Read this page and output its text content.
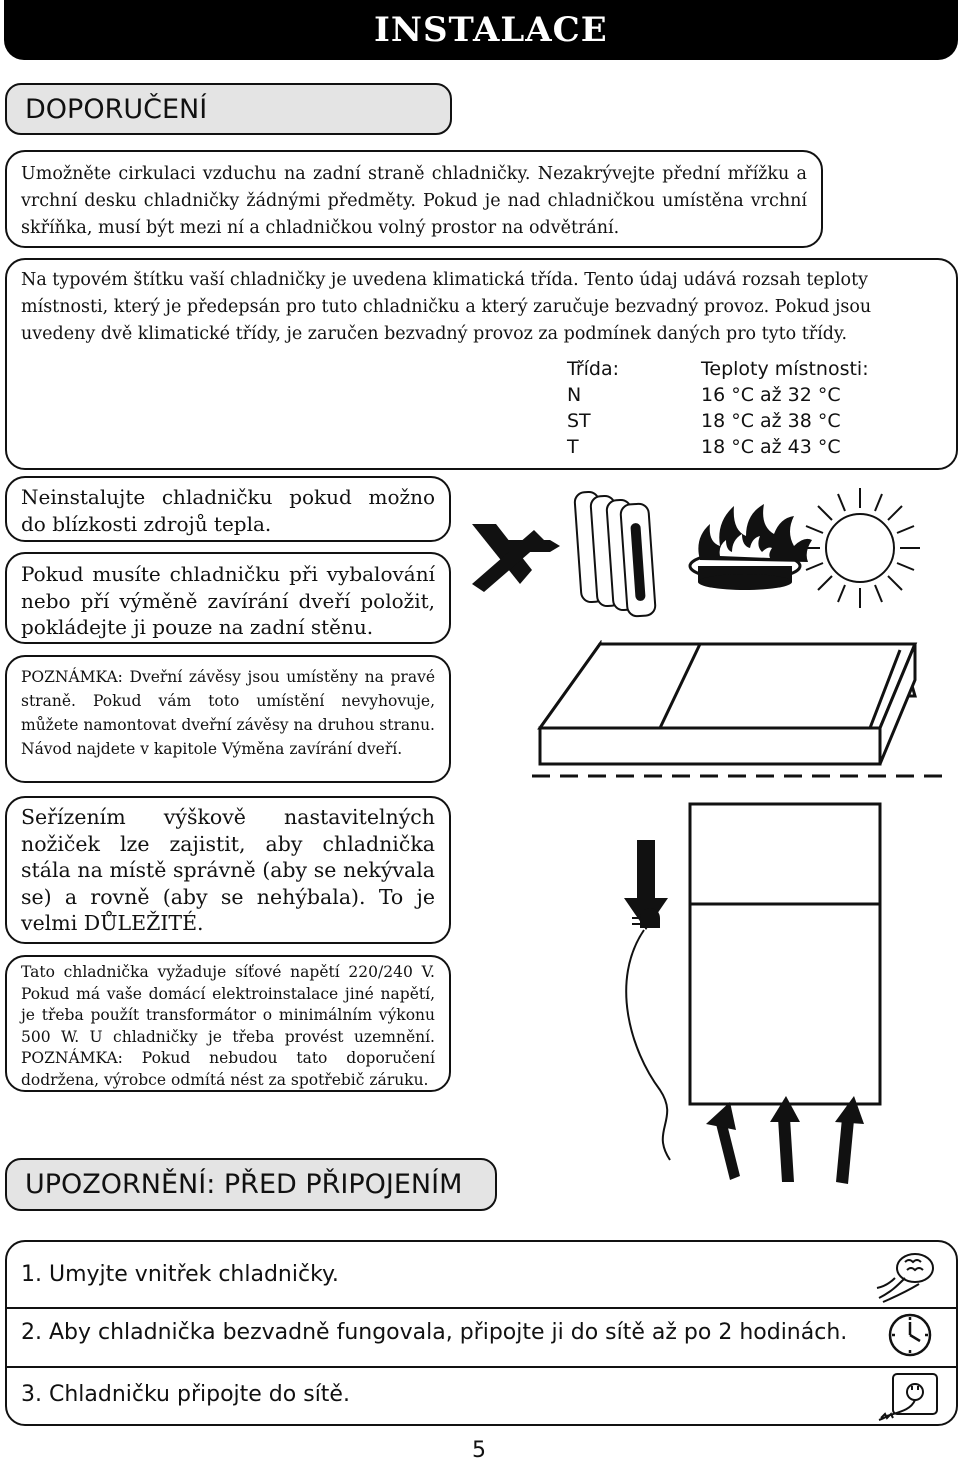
INSTALACE
DOPORUČENÍ

Umožněte cirkulaci vzduchu na zadní straně chladničky. Nezakrývejte přední mřížku a vrchní desku chladničky žádnými předměty. Pokud je nad chladničkou umístěna vrchní skříňka, musí být mezi ní a chladničkou volný prostor na odvětrání.

Na typovém štítku vaší chladničky je uvedena klimatická třída. Tento údaj udává rozsah teploty místnosti, který je předepsán pro tuto chladničku a který zaručuje bezvadný provoz. Pokud jsou uvedeny dvě klimatické třídy, je zaručen bezvadný provoz za podmínek daných pro tyto třídy.

Třída:	Teploty místnosti:
N	16 °C až 32 °C
ST	18 °C až 38 °C
T	18 °C až 43 °C

Neinstalujte chladničku pokud možno do blízkosti zdrojů tepla.

Pokud musíte chladničku při vybalování nebo pří výměně zavírání dveří položit, pokládejte ji pouze na zadní stěnu.

POZNÁMKA: Dveřní závěsy jsou umístěny na pravé straně. Pokud vám toto umístění nevyhovuje, můžete namontovat dveřní závěsy na druhou stranu. Návod najdete v kapitole Výměna zavírání dveří.

Seřízením výškově nastavitelných nožiček lze zajistit, aby chladnička stála na místě správně (aby se nekývala se) a rovně (aby se nehýbala). To je velmi DŮLEŽITÉ.

Tato chladnička vyžaduje síťové napětí 220/240 V. Pokud má vaše domácí elektroinstalace jiné napětí, je třeba použít transformátor o minimálním výkonu 500 W. U chladničky je třeba provést uzemnění. POZNÁMKA: Pokud nebudou tato doporučení dodržena, výrobce odmítá nést za spotřebič záruku.

UPOZORNĚNÍ: PŘED PŘIPOJENÍM
1. Umyjte vnitřek chladničky.
2. Aby chladnička bezvadně fungovala, připojte ji do sítě až po 2 hodinách.
3. Chladničku připojte do sítě.
5
